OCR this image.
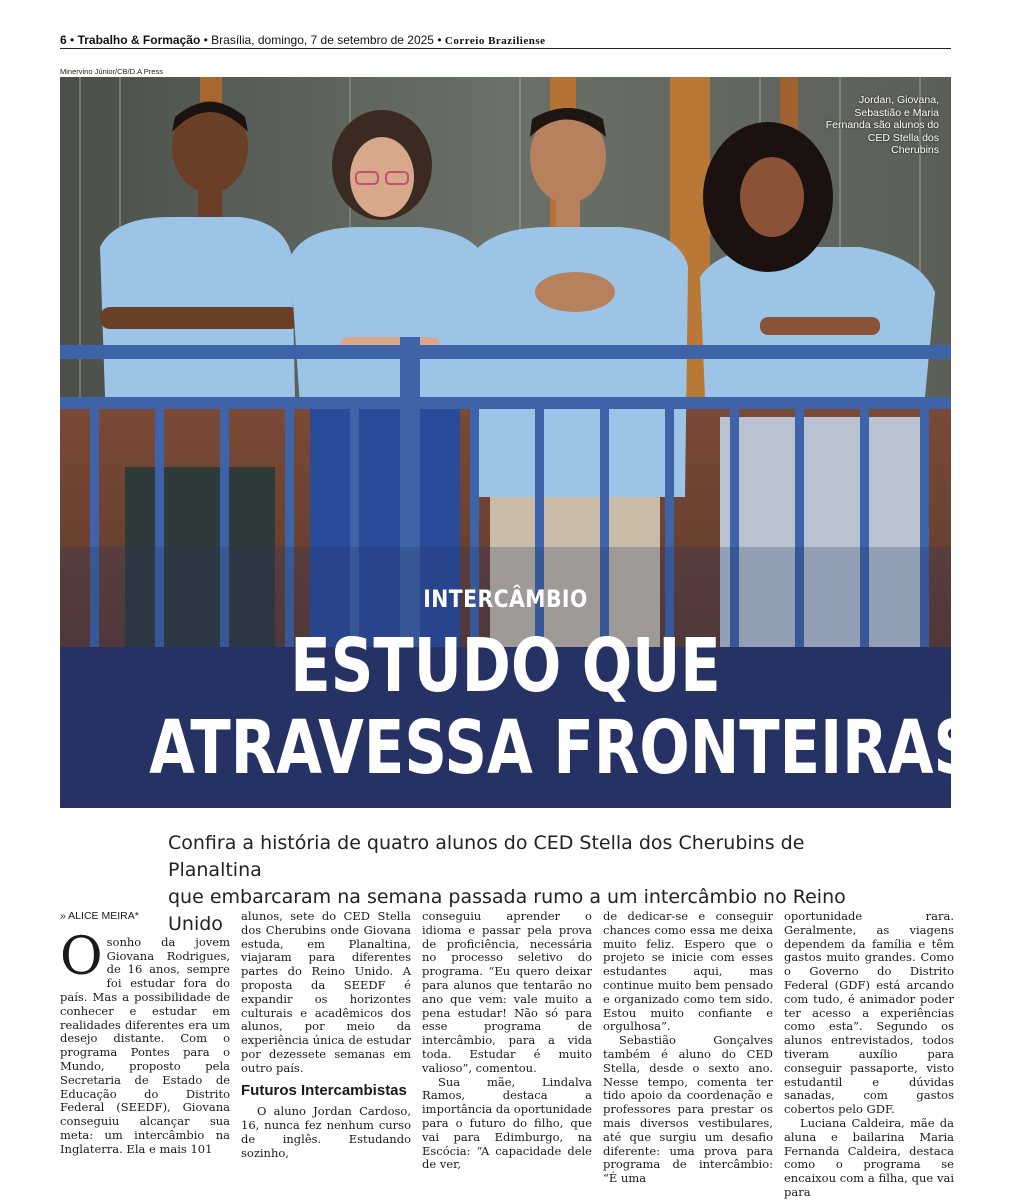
6 • Trabalho & Formação • Brasília, domingo, 7 de setembro de 2025 • Correio Braziliense
Minervino Júnior/CB/D.A Press
Jordan, Giovana, Sebastião e Maria Fernanda são alunos do CED Stella dos Cherubins
INTERCÂMBIO
ESTUDO QUE
ATRAVESSA FRONTEIRAS
Confira a história de quatro alunos do CED Stella dos Cherubins de Planaltina
que embarcaram na semana passada rumo a um intercâmbio no Reino Unido
» ALICE MEIRA*

Osonho da jovem Giovana Rodrigues, de 16 anos, sempre foi estudar fora do país. Mas a possibilidade de conhecer e estudar em realidades diferentes era um desejo distante. Com o programa Pontes para o Mundo, proposto pela Secretaria de Estado de Educação do Distrito Federal (SEEDF), Giovana conseguiu alcançar sua meta: um intercâmbio na Inglaterra. Ela e mais 101

alunos, sete do CED Stella dos Cherubins onde Giovana estuda, em Planaltina, viajaram para diferentes partes do Reino Unido. A proposta da SEEDF é expandir os horizontes culturais e acadêmicos dos alunos, por meio da experiência única de estudar por dezessete semanas em outro país.

Futuros Intercambistas

O aluno Jordan Cardoso, 16, nunca fez nenhum curso de inglês. Estudando sozinho,

conseguiu aprender o idioma e passar pela prova de proficiência, necessária no processo seletivo do programa. “Eu quero deixar para alunos que tentarão no ano que vem: vale muito a pena estudar! Não só para esse programa de intercâmbio, para a vida toda. Estudar é muito valioso”, comentou.

Sua mãe, Lindalva Ramos, destaca a importância da oportunidade para o futuro do filho, que vai para Edimburgo, na Escócia: “A capacidade dele de ver,

de dedicar-se e conseguir chances como essa me deixa muito feliz. Espero que o projeto se inicie com esses estudantes aqui, mas continue muito bem pensado e organizado como tem sido. Estou muito confiante e orgulhosa”.

Sebastião Gonçalves também é aluno do CED Stella, desde o sexto ano. Nesse tempo, comenta ter tido apoio da coordenação e professores para prestar os mais diversos vestibulares, até que surgiu um desafio diferente: uma prova para programa de intercâmbio: “É uma

oportunidade rara. Geralmente, as viagens dependem da família e têm gastos muito grandes. Como o Governo do Distrito Federal (GDF) está arcando com tudo, é animador poder ter acesso a experiências como esta”. Segundo os alunos entrevistados, todos tiveram auxílio para conseguir passaporte, visto estudantil e dúvidas sanadas, com gastos cobertos pelo GDF.

Luciana Caldeira, mãe da aluna e bailarina Maria Fernanda Caldeira, destaca como o programa se encaixou com a filha, que vai para
